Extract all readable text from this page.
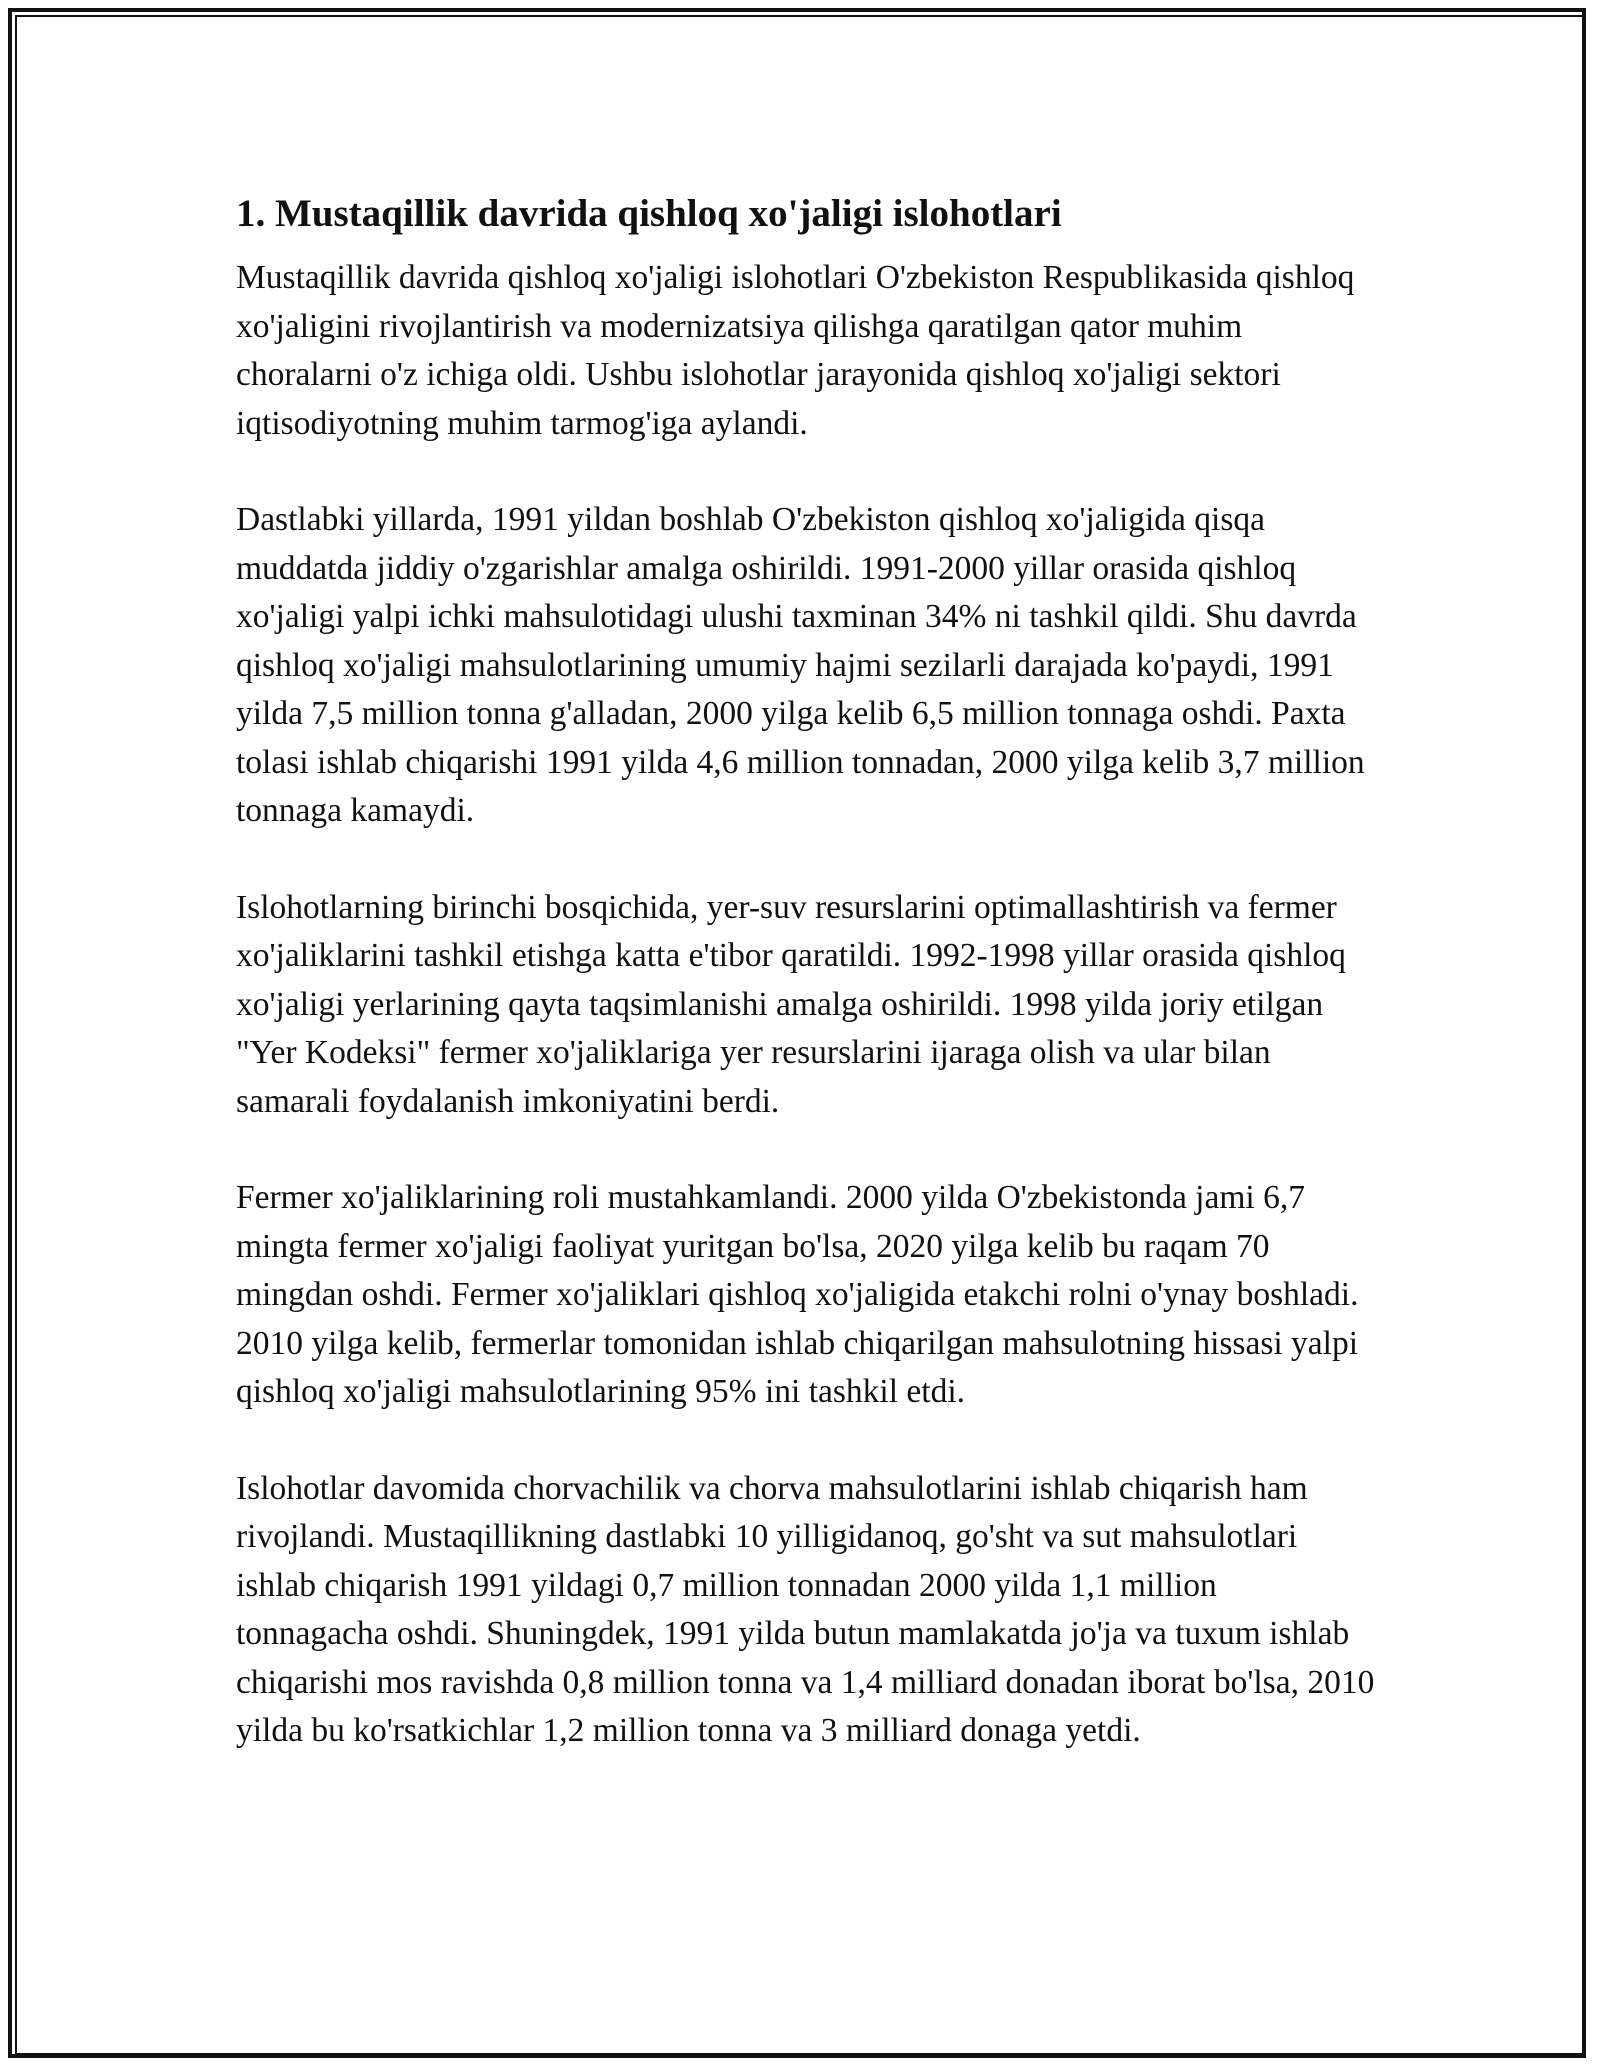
1. Mustaqillik davrida qishloq xo'jaligi islohotlari

Mustaqillik davrida qishloq xo'jaligi islohotlari O'zbekiston Respublikasida qishloq xo'jaligini rivojlantirish va modernizatsiya qilishga qaratilgan qator muhim choralarni o'z ichiga oldi. Ushbu islohotlar jarayonida qishloq xo'jaligi sektori iqtisodiyotning muhim tarmog'iga aylandi.

Dastlabki yillarda, 1991 yildan boshlab O'zbekiston qishloq xo'jaligida qisqa muddatda jiddiy o'zgarishlar amalga oshirildi. 1991-2000 yillar orasida qishloq xo'jaligi yalpi ichki mahsulotidagi ulushi taxminan 34% ni tashkil qildi. Shu davrda qishloq xo'jaligi mahsulotlarining umumiy hajmi sezilarli darajada ko'paydi, 1991 yilda 7,5 million tonna g'alladan, 2000 yilga kelib 6,5 million tonnaga oshdi. Paxta tolasi ishlab chiqarishi 1991 yilda 4,6 million tonnadan, 2000 yilga kelib 3,7 million tonnaga kamaydi.

Islohotlarning birinchi bosqichida, yer-suv resurslarini optimallashtirish va fermer xo'jaliklarini tashkil etishga katta e'tibor qaratildi. 1992-1998 yillar orasida qishloq xo'jaligi yerlarining qayta taqsimlanishi amalga oshirildi. 1998 yilda joriy etilgan "Yer Kodeksi" fermer xo'jaliklariga yer resurslarini ijaraga olish va ular bilan samarali foydalanish imkoniyatini berdi.

Fermer xo'jaliklarining roli mustahkamlandi. 2000 yilda O'zbekistonda jami 6,7 mingta fermer xo'jaligi faoliyat yuritgan bo'lsa, 2020 yilga kelib bu raqam 70 mingdan oshdi. Fermer xo'jaliklari qishloq xo'jaligida etakchi rolni o'ynay boshladi. 2010 yilga kelib, fermerlar tomonidan ishlab chiqarilgan mahsulotning hissasi yalpi qishloq xo'jaligi mahsulotlarining 95% ini tashkil etdi.

Islohotlar davomida chorvachilik va chorva mahsulotlarini ishlab chiqarish ham rivojlandi. Mustaqillikning dastlabki 10 yilligidanoq, go'sht va sut mahsulotlari ishlab chiqarish 1991 yildagi 0,7 million tonnadan 2000 yilda 1,1 million tonnagacha oshdi. Shuningdek, 1991 yilda butun mamlakatda jo'ja va tuxum ishlab chiqarishi mos ravishda 0,8 million tonna va 1,4 milliard donadan iborat bo'lsa, 2010 yilda bu ko'rsatkichlar 1,2 million tonna va 3 milliard donaga yetdi.
